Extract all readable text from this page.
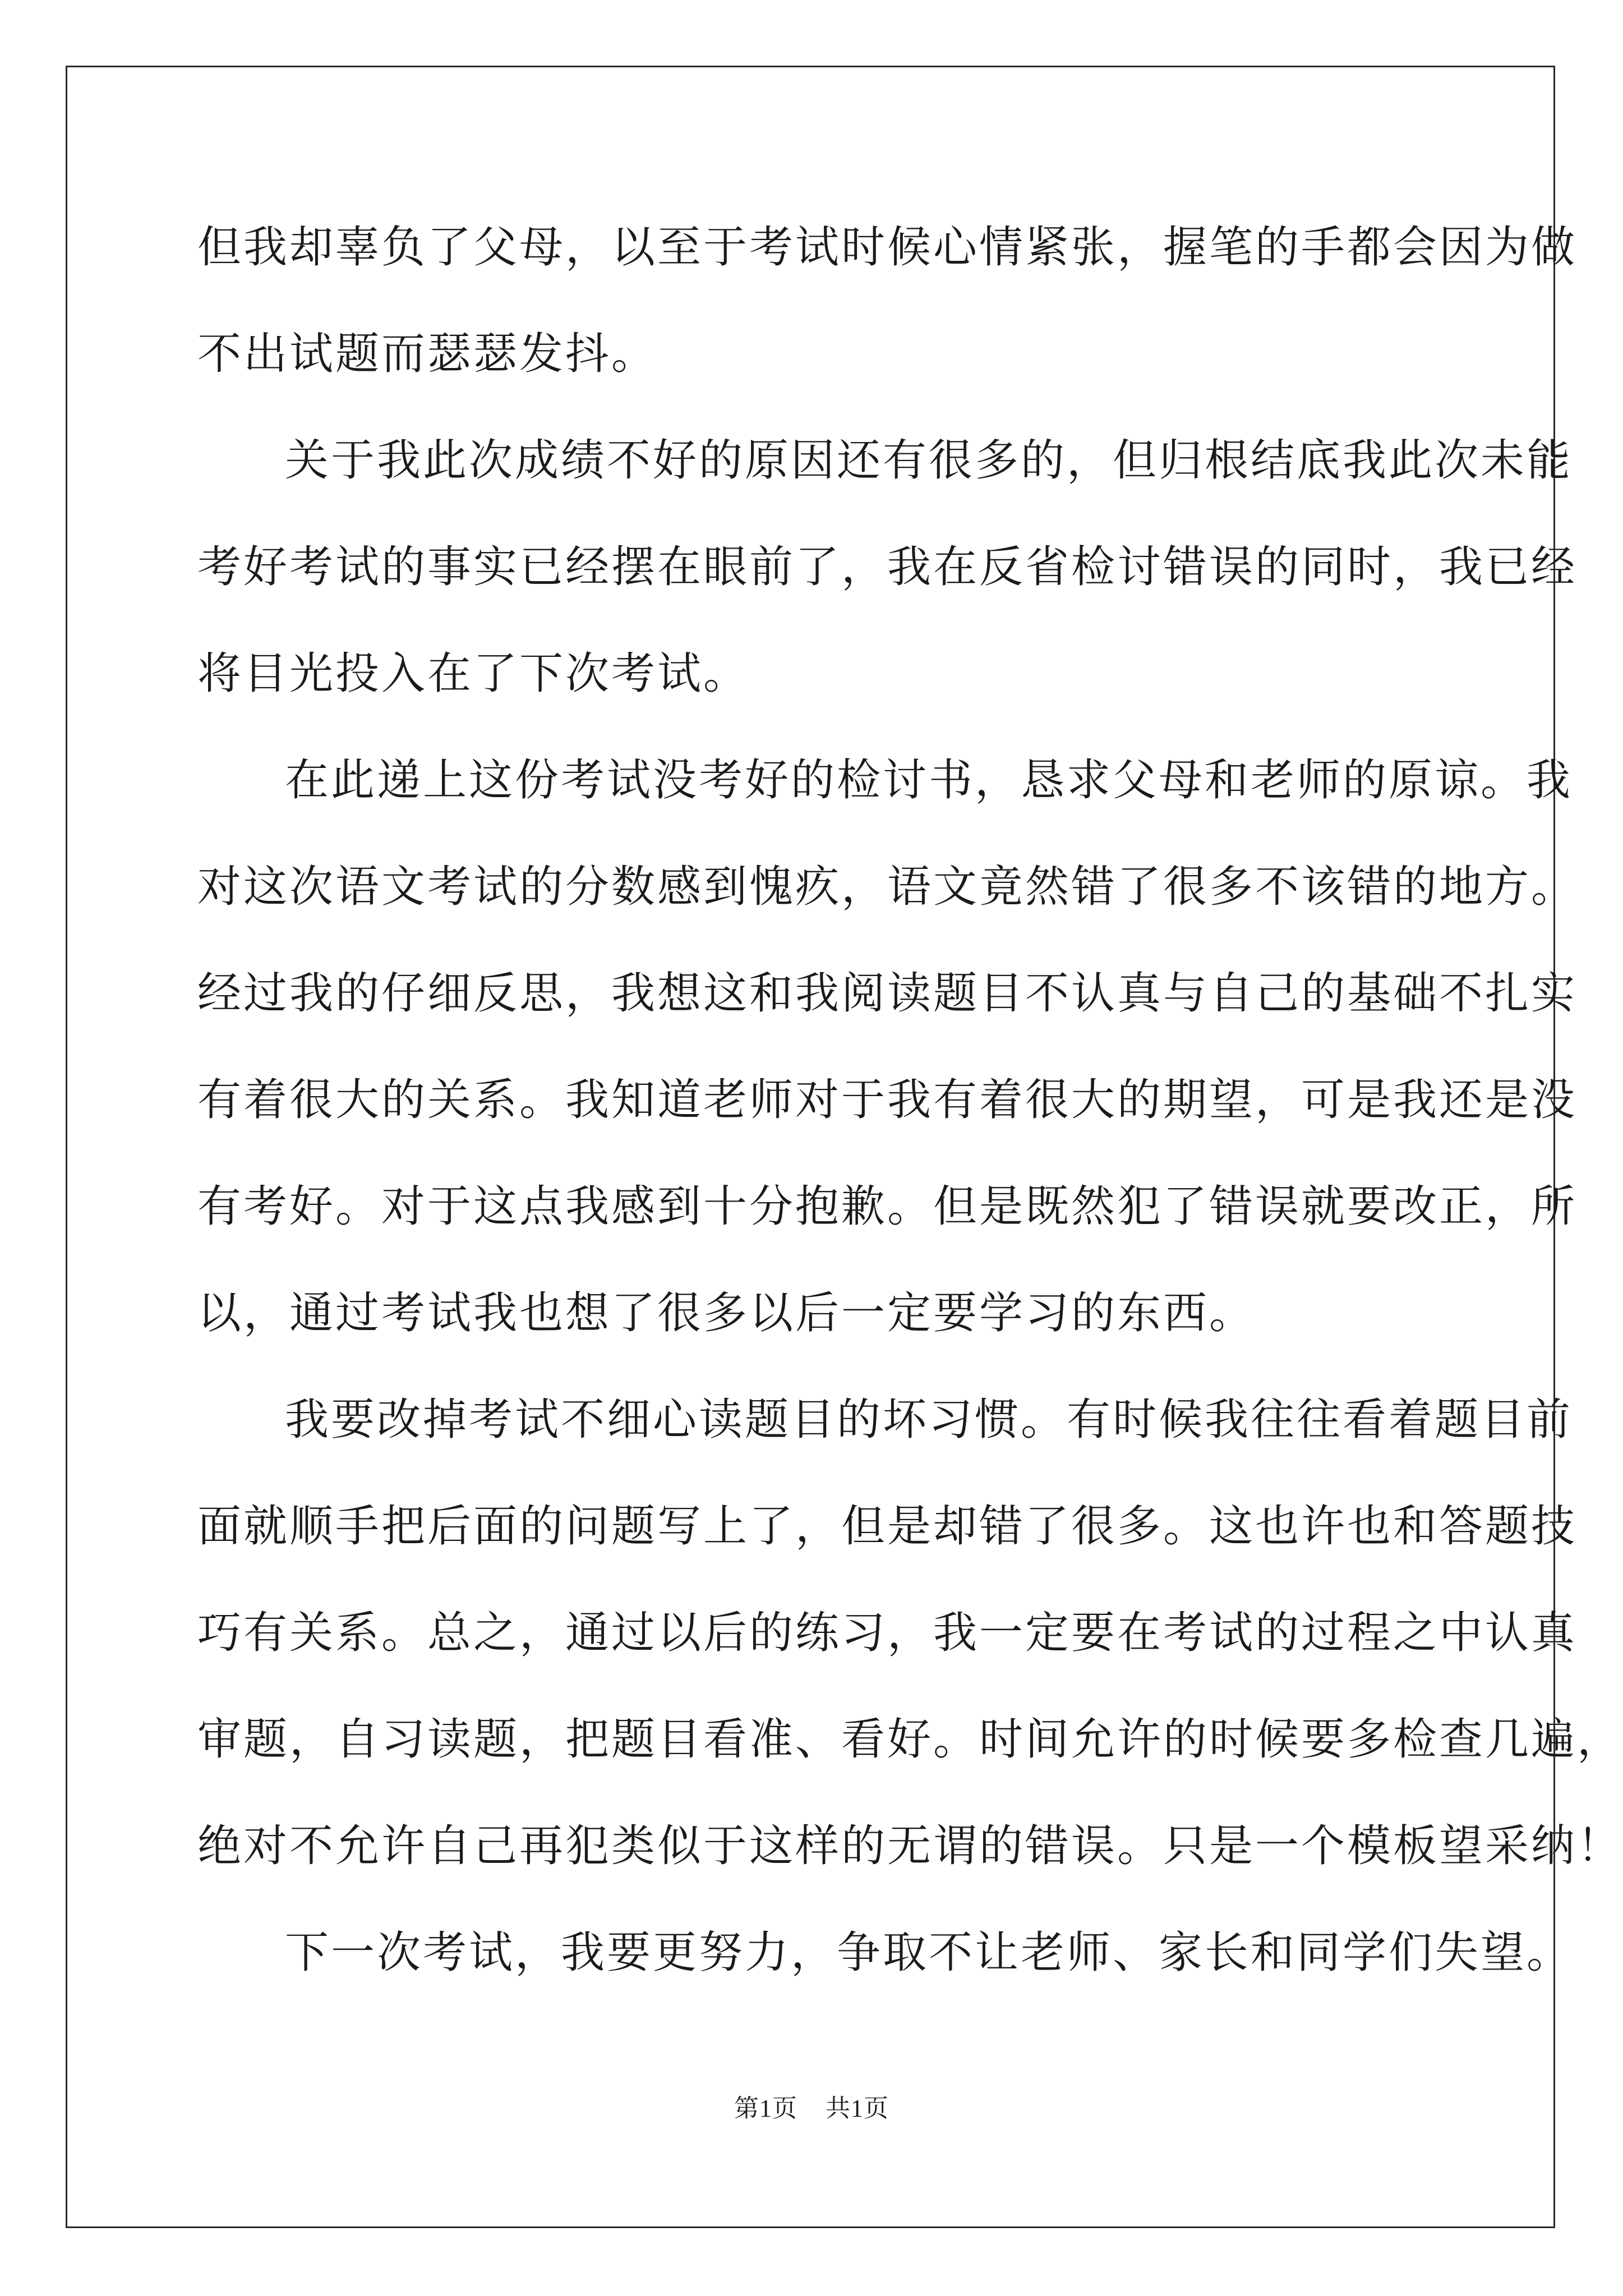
但我却辜负了父母，以至于考试时候心情紧张，握笔的手都会因为做
不出试题而瑟瑟发抖。
关于我此次成绩不好的原因还有很多的，但归根结底我此次未能
考好考试的事实已经摆在眼前了，我在反省检讨错误的同时，我已经
将目光投入在了下次考试。
在此递上这份考试没考好的检讨书，恳求父母和老师的原谅。我
对这次语文考试的分数感到愧疚，语文竟然错了很多不该错的地方。
经过我的仔细反思，我想这和我阅读题目不认真与自己的基础不扎实
有着很大的关系。我知道老师对于我有着很大的期望，可是我还是没
有考好。对于这点我感到十分抱歉。但是既然犯了错误就要改正，所
以，通过考试我也想了很多以后一定要学习的东西。
我要改掉考试不细心读题目的坏习惯。有时候我往往看着题目前
面就顺手把后面的问题写上了，但是却错了很多。这也许也和答题技
巧有关系。总之，通过以后的练习，我一定要在考试的过程之中认真
审题，自习读题，把题目看准、看好。时间允许的时候要多检查几遍，
绝对不允许自己再犯类似于这样的无谓的错误。只是一个模板望采纳！
下一次考试，我要更努力，争取不让老师、家长和同学们失望。
第1页 共1页
